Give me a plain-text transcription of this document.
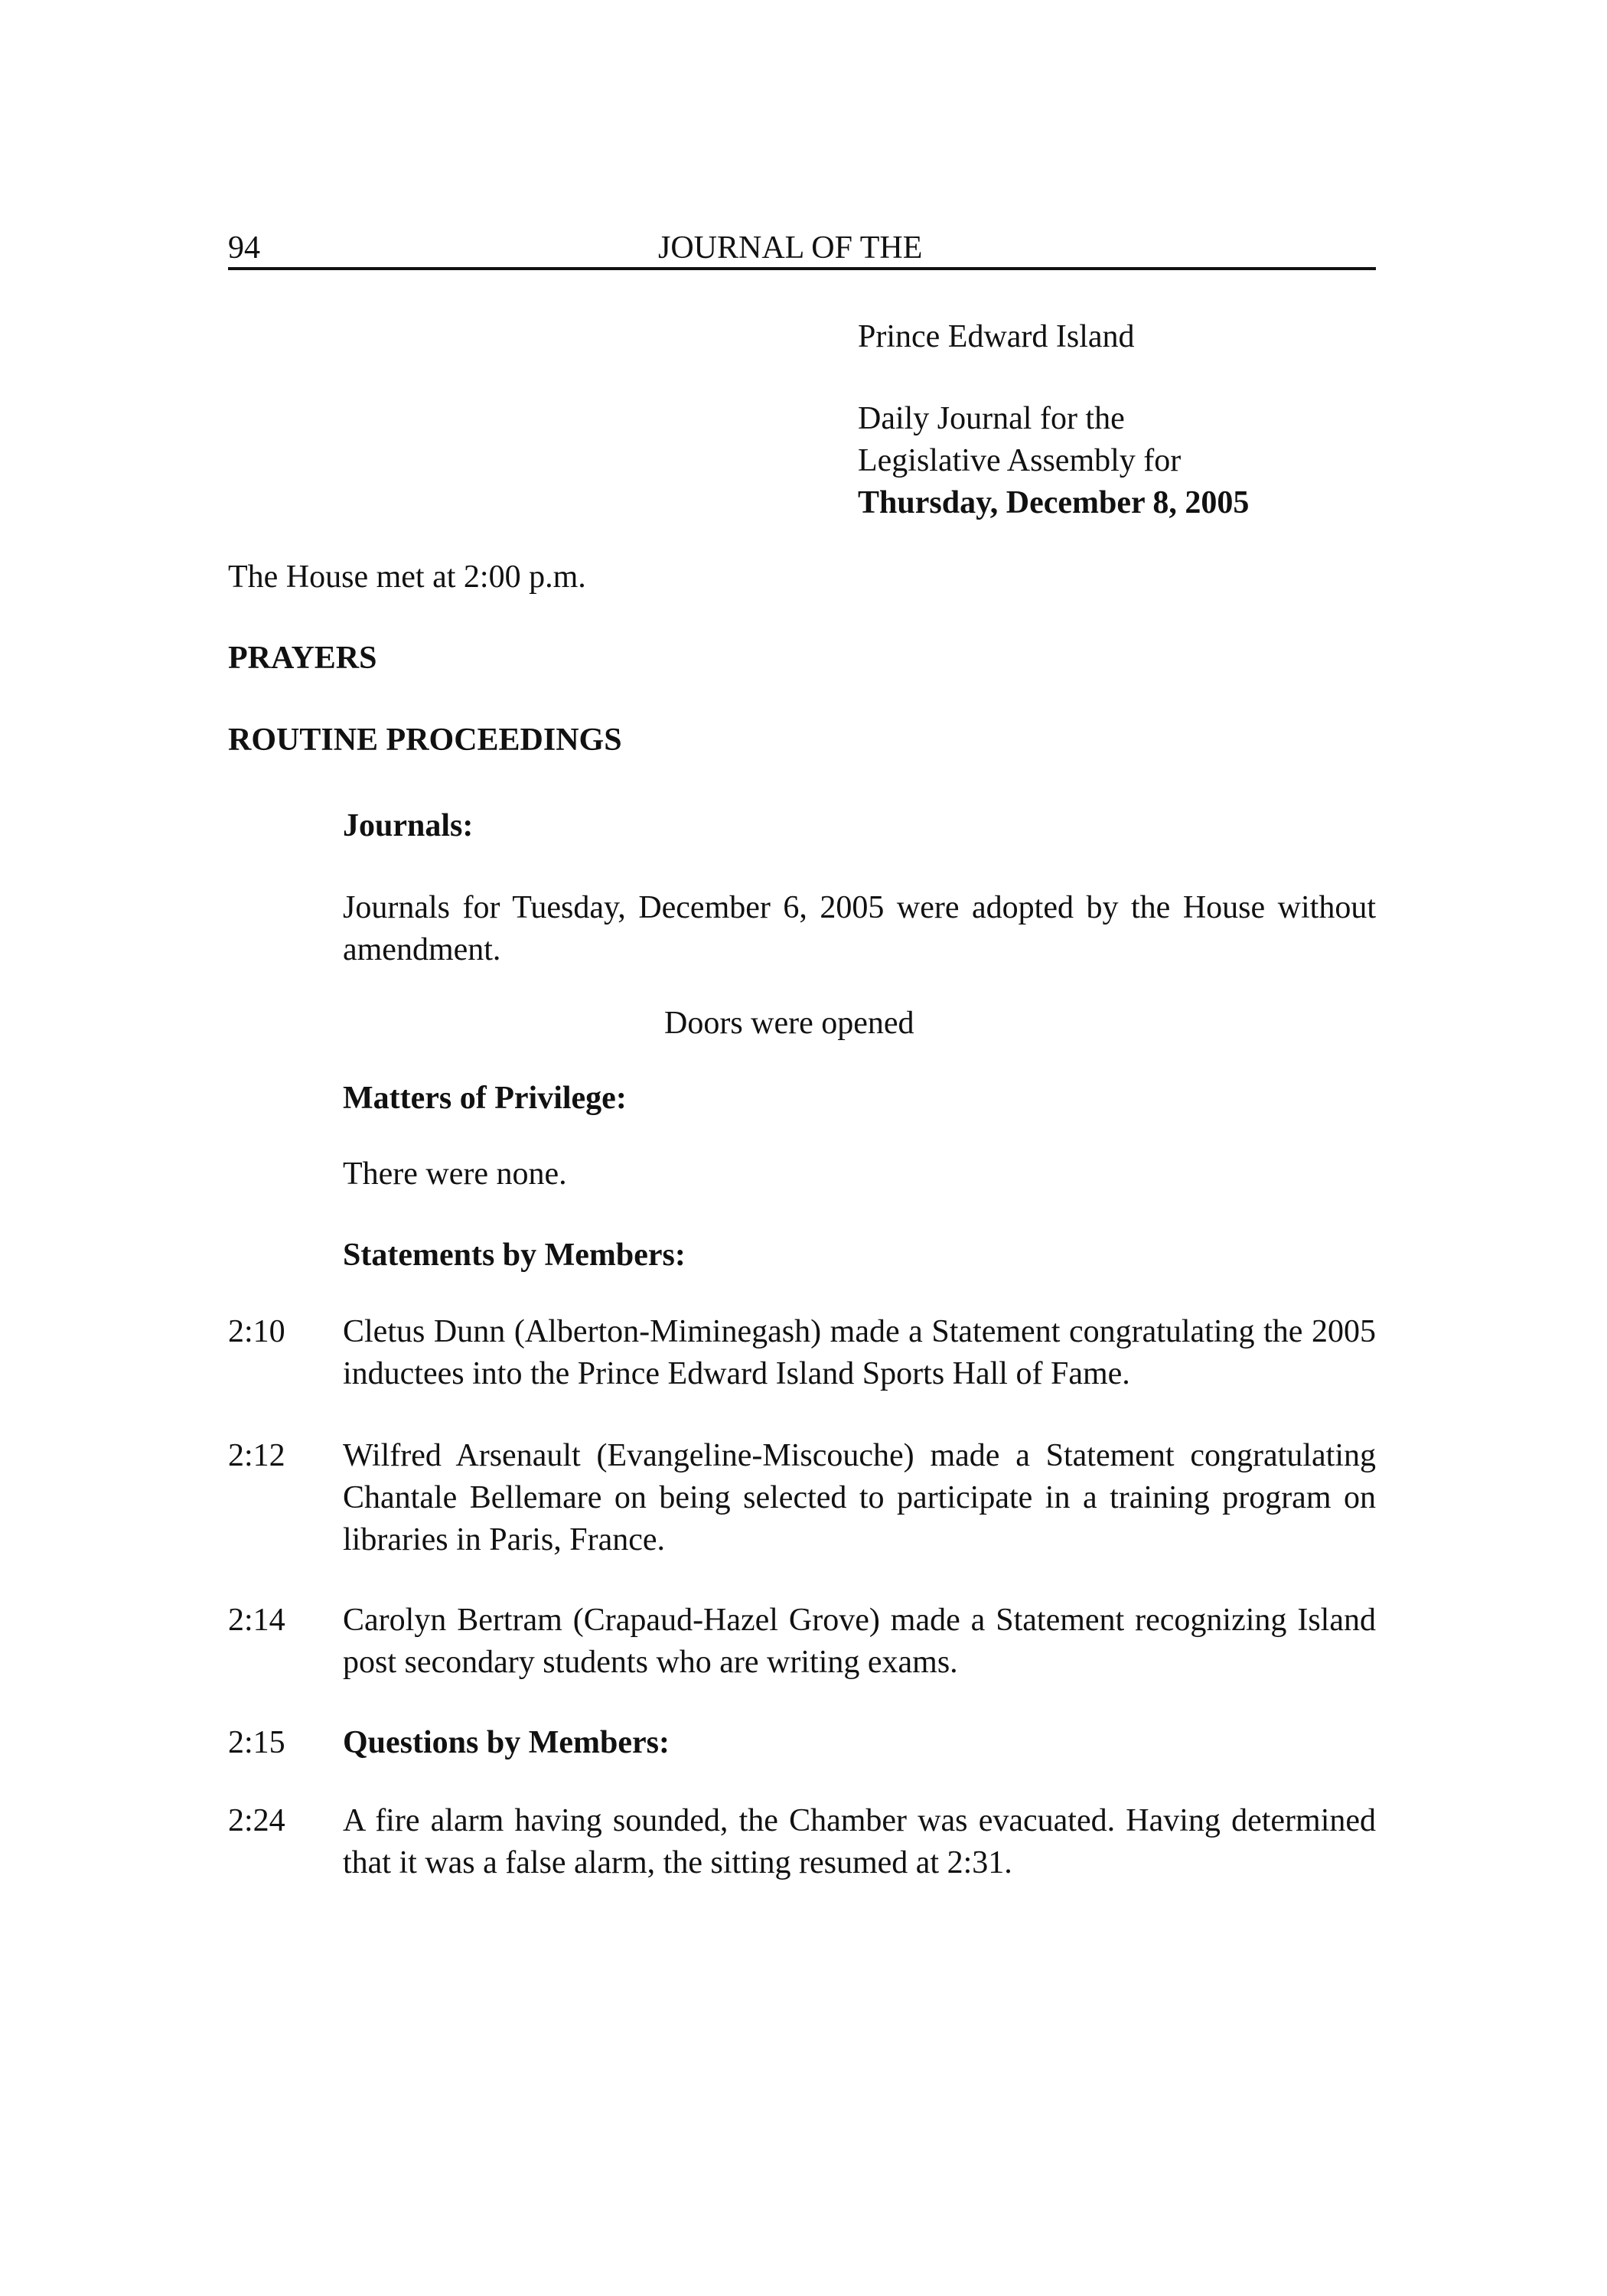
94	JOURNAL OF THE
Prince Edward Island
Daily Journal for the
Legislative Assembly for
Thursday, December 8, 2005
The House met at 2:00 p.m.
PRAYERS
ROUTINE PROCEEDINGS
Journals:
Journals for Tuesday, December 6, 2005 were adopted by the House without amendment.
Doors were opened
Matters of Privilege:
There were none.
Statements by Members:
2:10 Cletus Dunn (Alberton-Miminegash) made a Statement congratulating the 2005 inductees into the Prince Edward Island Sports Hall of Fame.
2:12 Wilfred Arsenault (Evangeline-Miscouche) made a Statement congratulating Chantale Bellemare on being selected to participate in a training program on libraries in Paris, France.
2:14 Carolyn Bertram (Crapaud-Hazel Grove) made a Statement recognizing Island post secondary students who are writing exams.
2:15 Questions by Members:
2:24 A fire alarm having sounded, the Chamber was evacuated. Having determined that it was a false alarm, the sitting resumed at 2:31.
